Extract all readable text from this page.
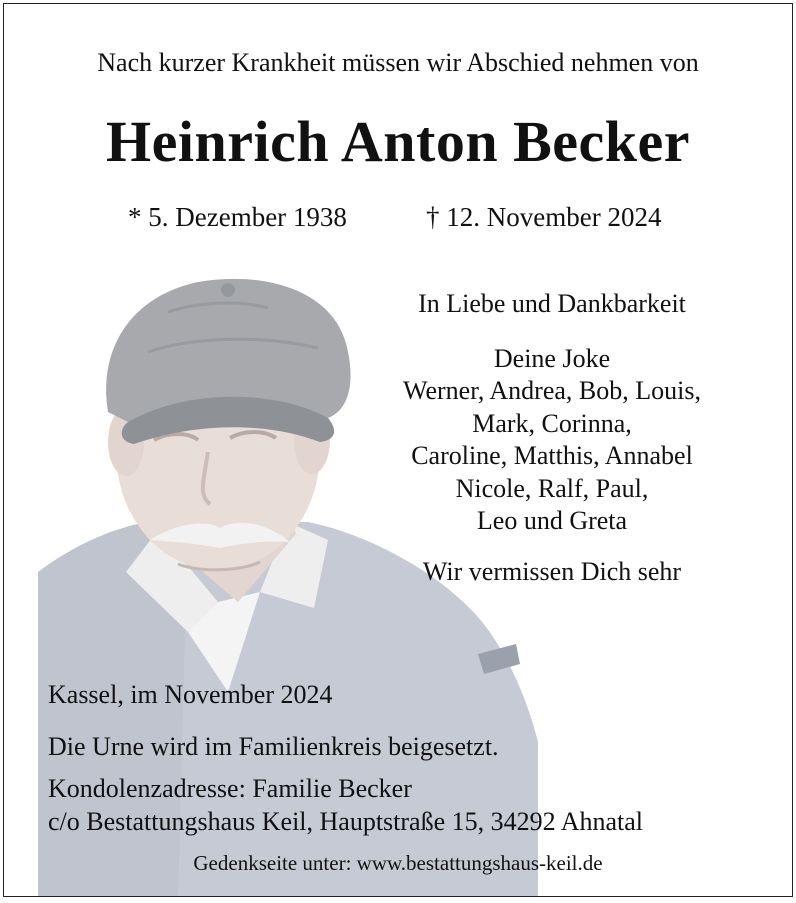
Nach kurzer Krankheit müssen wir Abschied nehmen von
Heinrich Anton Becker
* 5. Dezember 1938	† 12. November 2024
In Liebe und Dankbarkeit
Deine Joke
Werner, Andrea, Bob, Louis,
Mark, Corinna,
Caroline, Matthis, Annabel
Nicole, Ralf, Paul,
Leo und Greta
Wir vermissen Dich sehr
Kassel, im November 2024
Die Urne wird im Familienkreis beigesetzt.
Kondolenzadresse: Familie Becker
c/o Bestattungshaus Keil, Hauptstraße 15, 34292 Ahnatal
Gedenkseite unter: www.bestattungshaus-keil.de
